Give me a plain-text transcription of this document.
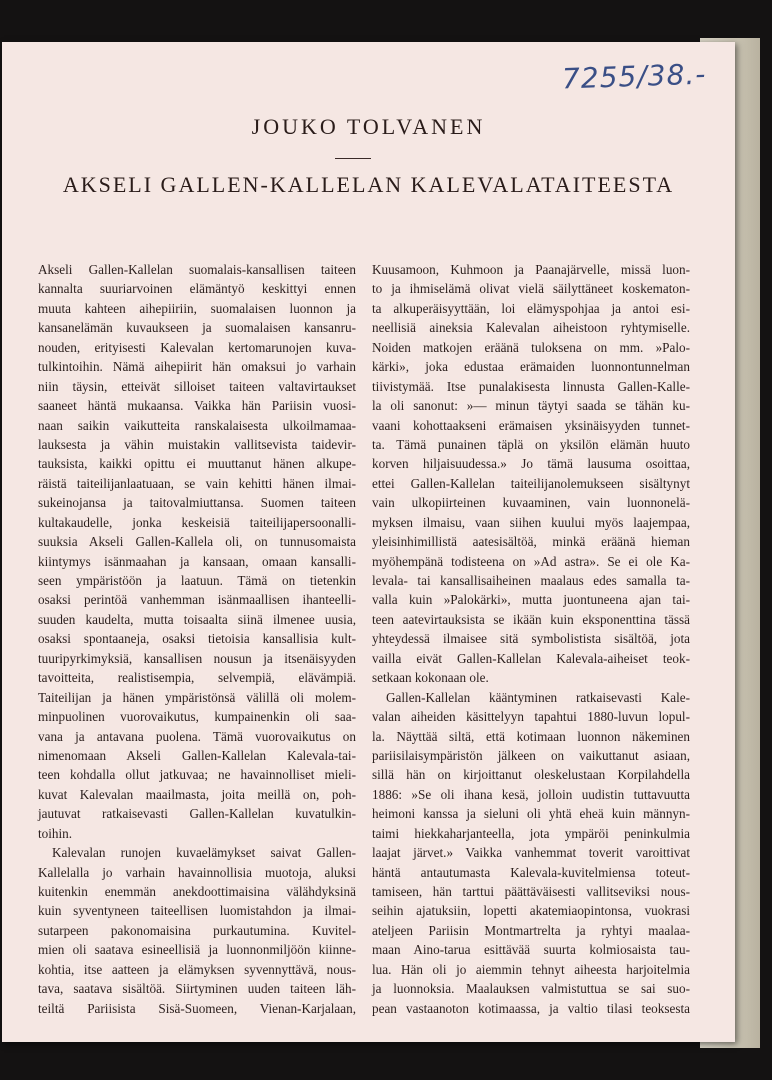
7255/38.-
JOUKO TOLVANEN
AKSELI GALLEN-KALLELAN KALEVALATAITEESTA
Akseli Gallen-Kallelan suomalais-kansallisen taiteen
kannalta suuriarvoinen elämäntyö keskittyi ennen
muuta kahteen aihepiiriin, suomalaisen luonnon ja
kansanelämän kuvaukseen ja suomalaisen kansanru-
nouden, erityisesti Kalevalan kertomarunojen kuva-
tulkintoihin. Nämä aihepiirit hän omaksui jo varhain
niin täysin, etteivät silloiset taiteen valtavirtaukset
saaneet häntä mukaansa. Vaikka hän Pariisin vuosi-
naan saikin vaikutteita ranskalaisesta ulkoilmamaa-
lauksesta ja vähin muistakin vallitsevista taidevir-
tauksista, kaikki opittu ei muuttanut hänen alkupe-
räistä taiteilijanlaatuaan, se vain kehitti hänen ilmai-
sukeinojansa ja taitovalmiuttansa. Suomen taiteen
kultakaudelle, jonka keskeisiä taiteilijapersoonalli-
suuksia Akseli Gallen-Kallela oli, on tunnusomaista
kiintymys isänmaahan ja kansaan, omaan kansalli-
seen ympäristöön ja laatuun. Tämä on tietenkin
osaksi perintöä vanhemman isänmaallisen ihanteelli-
suuden kaudelta, mutta toisaalta siinä ilmenee uusia,
osaksi spontaaneja, osaksi tietoisia kansallisia kult-
tuuripyrkimyksiä, kansallisen nousun ja itsenäisyyden
tavoitteita, realistisempia, selvempiä, elävämpiä.
Taiteilijan ja hänen ympäristönsä välillä oli molem-
minpuolinen vuorovaikutus, kumpainenkin oli saa-
vana ja antavana puolena. Tämä vuorovaikutus on
nimenomaan Akseli Gallen-Kallelan Kalevala-tai-
teen kohdalla ollut jatkuvaa; ne havainnolliset mieli-
kuvat Kalevalan maailmasta, joita meillä on, poh-
jautuvat ratkaisevasti Gallen-Kallelan kuvatulkin-
toihin.
Kalevalan runojen kuvaelämykset saivat Gallen-
Kallelalla jo varhain havainnollisia muotoja, aluksi
kuitenkin enemmän anekdoottimaisina välähdyksinä
kuin syventyneen taiteellisen luomistahdon ja ilmai-
sutarpeen pakonomaisina purkautumina. Kuvitel-
mien oli saatava esineellisiä ja luonnonmiljöön kiinne-
kohtia, itse aatteen ja elämyksen syvennyttävä, nous-
tava, saatava sisältöä. Siirtyminen uuden taiteen läh-
teiltä Pariisista Sisä-Suomeen, Vienan-Karjalaan,
Kuusamoon, Kuhmoon ja Paanajärvelle, missä luon-
to ja ihmiselämä olivat vielä säilyttäneet koskematon-
ta alkuperäisyyttään, loi elämyspohjaa ja antoi esi-
neellisiä aineksia Kalevalan aiheistoon ryhtymiselle.
Noiden matkojen eräänä tuloksena on mm. »Palo-
kärki», joka edustaa erämaiden luonnontunnelman
tiivistymää. Itse punalakisesta linnusta Gallen-Kalle-
la oli sanonut: »— minun täytyi saada se tähän ku-
vaani kohottaakseni erämaisen yksinäisyyden tunnet-
ta. Tämä punainen täplä on yksilön elämän huuto
korven hiljaisuudessa.» Jo tämä lausuma osoittaa,
ettei Gallen-Kallelan taiteilijanolemukseen sisältynyt
vain ulkopiirteinen kuvaaminen, vain luonnonelä-
myksen ilmaisu, vaan siihen kuului myös laajempaa,
yleisinhimillistä aatesisältöä, minkä eräänä hieman
myöhempänä todisteena on »Ad astra». Se ei ole Ka-
levala- tai kansallisaiheinen maalaus edes samalla ta-
valla kuin »Palokärki», mutta juontuneena ajan tai-
teen aatevirtauksista se ikään kuin eksponenttina tässä
yhteydessä ilmaisee sitä symbolistista sisältöä, jota
vailla eivät Gallen-Kallelan Kalevala-aiheiset teok-
setkaan kokonaan ole.
Gallen-Kallelan kääntyminen ratkaisevasti Kale-
valan aiheiden käsittelyyn tapahtui 1880-luvun lopul-
la. Näyttää siltä, että kotimaan luonnon näkeminen
pariisilaisympäristön jälkeen on vaikuttanut asiaan,
sillä hän on kirjoittanut oleskelustaan Korpilahdella
1886: »Se oli ihana kesä, jolloin uudistin tuttavuutta
heimoni kanssa ja sieluni oli yhtä eheä kuin männyn-
taimi hiekkaharjanteella, jota ympäröi peninkulmia
laajat järvet.» Vaikka vanhemmat toverit varoittivat
häntä antautumasta Kalevala-kuvitelmiensa toteut-
tamiseen, hän tarttui päättäväisesti vallitseviksi nous-
seihin ajatuksiin, lopetti akatemiaopintonsa, vuokrasi
ateljeen Pariisin Montmartrelta ja ryhtyi maalaa-
maan Aino-tarua esittävää suurta kolmiosaista tau-
lua. Hän oli jo aiemmin tehnyt aiheesta harjoitelmia
ja luonnoksia. Maalauksen valmistuttua se sai suo-
pean vastaanoton kotimaassa, ja valtio tilasi teoksesta
